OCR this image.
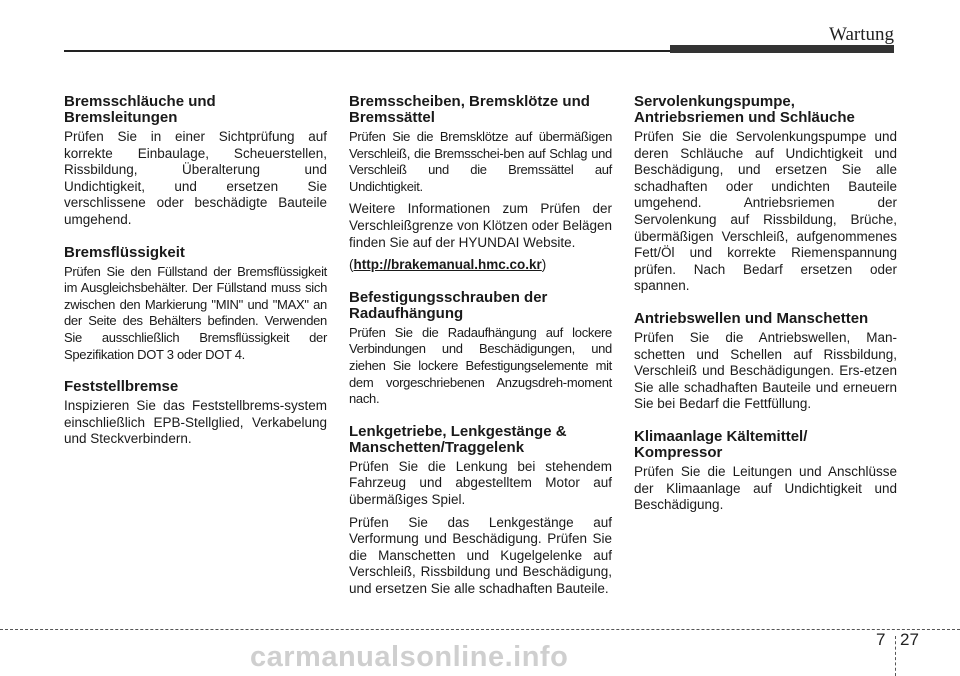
Wartung
Bremsschläuche und Bremsleitungen

Prüfen Sie in einer Sichtprüfung auf korrekte Einbaulage, Scheuerstellen, Rissbildung, Überalterung und Undichtigkeit, und ersetzen Sie verschlissene oder beschädigte Bauteile umgehend.

Bremsflüssigkeit

Prüfen Sie den Füllstand der Bremsflüssigkeit im Ausgleichsbehälter. Der Füllstand muss sich zwischen den Markierung "MIN" und "MAX" an der Seite des Behälters befinden. Verwenden Sie ausschließlich Bremsflüssigkeit der Spezifikation DOT 3 oder DOT 4.

Feststellbremse

Inspizieren Sie das Feststellbrems-system einschließlich EPB-Stellglied, Verkabelung und Steckverbindern.

Bremsscheiben, Bremsklötze und Bremssättel

Prüfen Sie die Bremsklötze auf übermäßigen Verschleiß, die Bremsschei-ben auf Schlag und Verschleiß und die Bremssättel auf Undichtigkeit.

Weitere Informationen zum Prüfen der Verschleißgrenze von Klötzen oder Belägen finden Sie auf der HYUNDAI Website.

(http://brakemanual.hmc.co.kr)

Befestigungsschrauben der Radaufhängung

Prüfen Sie die Radaufhängung auf lockere Verbindungen und Beschädigungen, und ziehen Sie lockere Befestigungselemente mit dem vorgeschriebenen Anzugsdreh-moment nach.

Lenkgetriebe, Lenkgestänge & Manschetten/Traggelenk

Prüfen Sie die Lenkung bei stehendem Fahrzeug und abgestelltem Motor auf übermäßiges Spiel.

Prüfen Sie das Lenkgestänge auf Verformung und Beschädigung. Prüfen Sie die Manschetten und Kugelgelenke auf Verschleiß, Rissbildung und Beschädigung, und ersetzen Sie alle schadhaften Bauteile.

Servolenkungspumpe, Antriebsriemen und Schläuche

Prüfen Sie die Servolenkungspumpe und deren Schläuche auf Undichtigkeit und Beschädigung, und ersetzen Sie alle schadhaften oder undichten Bauteile umgehend. Antriebsriemen der Servolenkung auf Rissbildung, Brüche, übermäßigen Verschleiß, aufgenommenes Fett/Öl und korrekte Riemenspannung prüfen. Nach Bedarf ersetzen oder spannen.

Antriebswellen und Manschetten

Prüfen Sie die Antriebswellen, Man-schetten und Schellen auf Rissbildung, Verschleiß und Beschädigungen. Ers-etzen Sie alle schadhaften Bauteile und erneuern Sie bei Bedarf die Fettfüllung.

Klimaanlage Kältemittel/ Kompressor

Prüfen Sie die Leitungen und Anschlüsse der Klimaanlage auf Undichtigkeit und Beschädigung.

7 27
carmanualsonline.info
